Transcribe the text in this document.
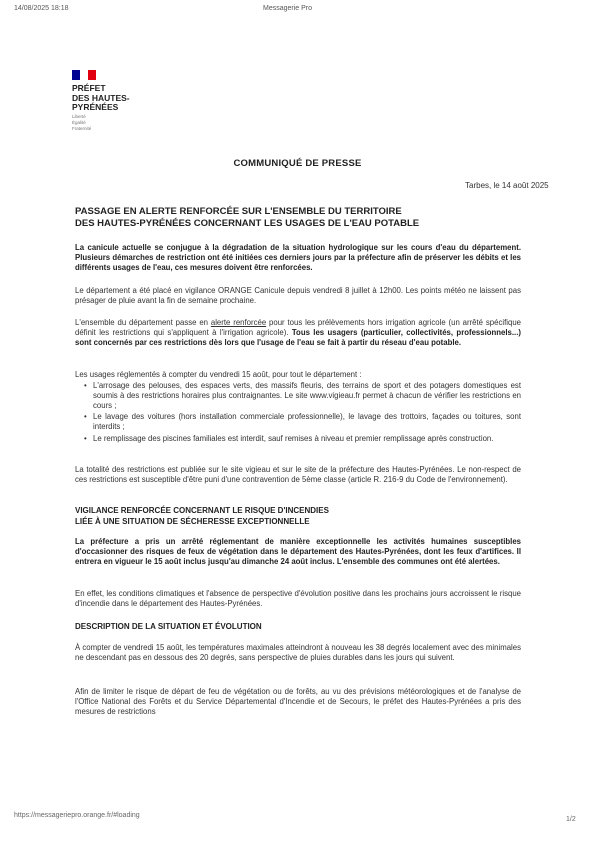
14/08/2025 18:18	Messagerie Pro
PRÉFET
DES HAUTES-
PYRÉNÉES
Liberté
Égalité
Fraternité
COMMUNIQUÉ DE PRESSE
Tarbes, le 14 août 2025
PASSAGE EN ALERTE RENFORCÉE SUR L'ENSEMBLE DU TERRITOIRE
DES HAUTES-PYRÉNÉES CONCERNANT LES USAGES DE L'EAU POTABLE
La canicule actuelle se conjugue à la dégradation de la situation hydrologique sur les cours d'eau du département. Plusieurs démarches de restriction ont été initiées ces derniers jours par la préfecture afin de préserver les débits et les différents usages de l'eau, ces mesures doivent être renforcées.
Le département a été placé en vigilance ORANGE Canicule depuis vendredi 8 juillet à 12h00. Les points météo ne laissent pas présager de pluie avant la fin de semaine prochaine.
L'ensemble du département passe en alerte renforcée pour tous les prélèvements hors irrigation agricole (un arrêté spécifique définit les restrictions qui s'appliquent à l'irrigation agricole). Tous les usagers (particulier, collectivités, professionnels...) sont concernés par ces restrictions dès lors que l'usage de l'eau se fait à partir du réseau d'eau potable.
Les usages réglementés à compter du vendredi 15 août, pour tout le département :
• L'arrosage des pelouses, des espaces verts, des massifs fleuris, des terrains de sport et des potagers domestiques est soumis à des restrictions horaires plus contraignantes. Le site www.vigieau.fr permet à chacun de vérifier les restrictions en cours ;
• Le lavage des voitures (hors installation commerciale professionnelle), le lavage des trottoirs, façades ou toitures, sont interdits ;
• Le remplissage des piscines familiales est interdit, sauf remises à niveau et premier remplissage après construction.
La totalité des restrictions est publiée sur le site vigieau et sur le site de la préfecture des Hautes-Pyrénées. Le non-respect de ces restrictions est susceptible d'être puni d'une contravention de 5ème classe (article R. 216-9 du Code de l'environnement).
VIGILANCE RENFORCÉE CONCERNANT LE RISQUE D'INCENDIES
LIÉE À UNE SITUATION DE SÉCHERESSE EXCEPTIONNELLE
La préfecture a pris un arrêté réglementant de manière exceptionnelle les activités humaines susceptibles d'occasionner des risques de feux de végétation dans le département des Hautes-Pyrénées, dont les feux d'artifices. Il entrera en vigueur le 15 août inclus jusqu'au dimanche 24 août inclus. L'ensemble des communes ont été alertées.
En effet, les conditions climatiques et l'absence de perspective d'évolution positive dans les prochains jours accroissent le risque d'incendie dans le département des Hautes-Pyrénées.
DESCRIPTION DE LA SITUATION ET ÉVOLUTION
À compter de vendredi 15 août, les températures maximales atteindront à nouveau les 38 degrés localement avec des minimales ne descendant pas en dessous des 20 degrés, sans perspective de pluies durables dans les jours qui suivent.
Afin de limiter le risque de départ de feu de végétation ou de forêts, au vu des prévisions météorologiques et de l'analyse de l'Office National des Forêts et du Service Départemental d'Incendie et de Secours, le préfet des Hautes-Pyrénées a pris des mesures de restrictions
https://messageriepro.orange.fr/#loading
1/2
